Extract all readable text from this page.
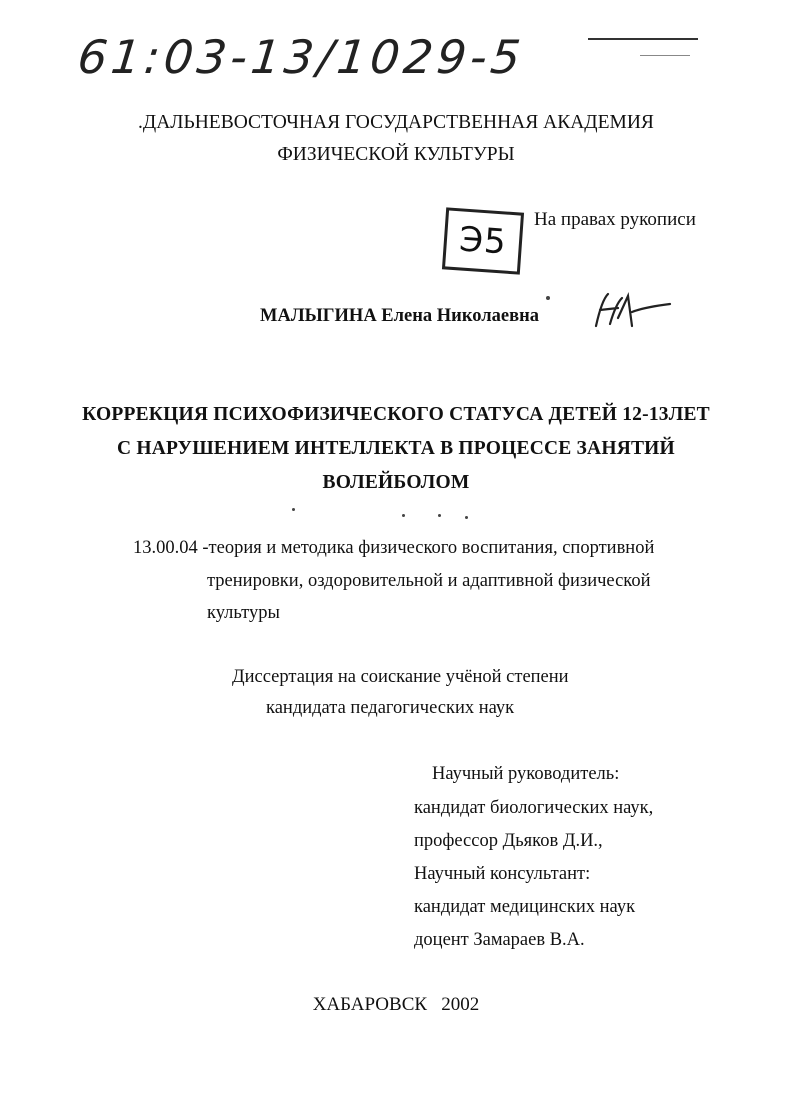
61:03-13/1029-5
.ДАЛЬНЕВОСТОЧНАЯ ГОСУДАРСТВЕННАЯ АКАДЕМИЯ
ФИЗИЧЕСКОЙ КУЛЬТУРЫ
Э5 На правах рукописи
МАЛЫГИНА Елена Николаевна
КОРРЕКЦИЯ ПСИХОФИЗИЧЕСКОГО СТАТУСА ДЕТЕЙ 12-13ЛЕТ
С НАРУШЕНИЕМ ИНТЕЛЛЕКТА В ПРОЦЕССЕ ЗАНЯТИЙ
ВОЛЕЙБОЛОМ
13.00.04 -теория и методика физического воспитания, спортивной
тренировки, оздоровительной и адаптивной физической
культуры
Диссертация на соискание учёной степени
кандидата педагогических наук
Научный руководитель:
кандидат биологических наук,
профессор Дьяков Д.И.,
Научный консультант:
кандидат медицинских наук
доцент Замараев В.А.
ХАБАРОВСК   2002
